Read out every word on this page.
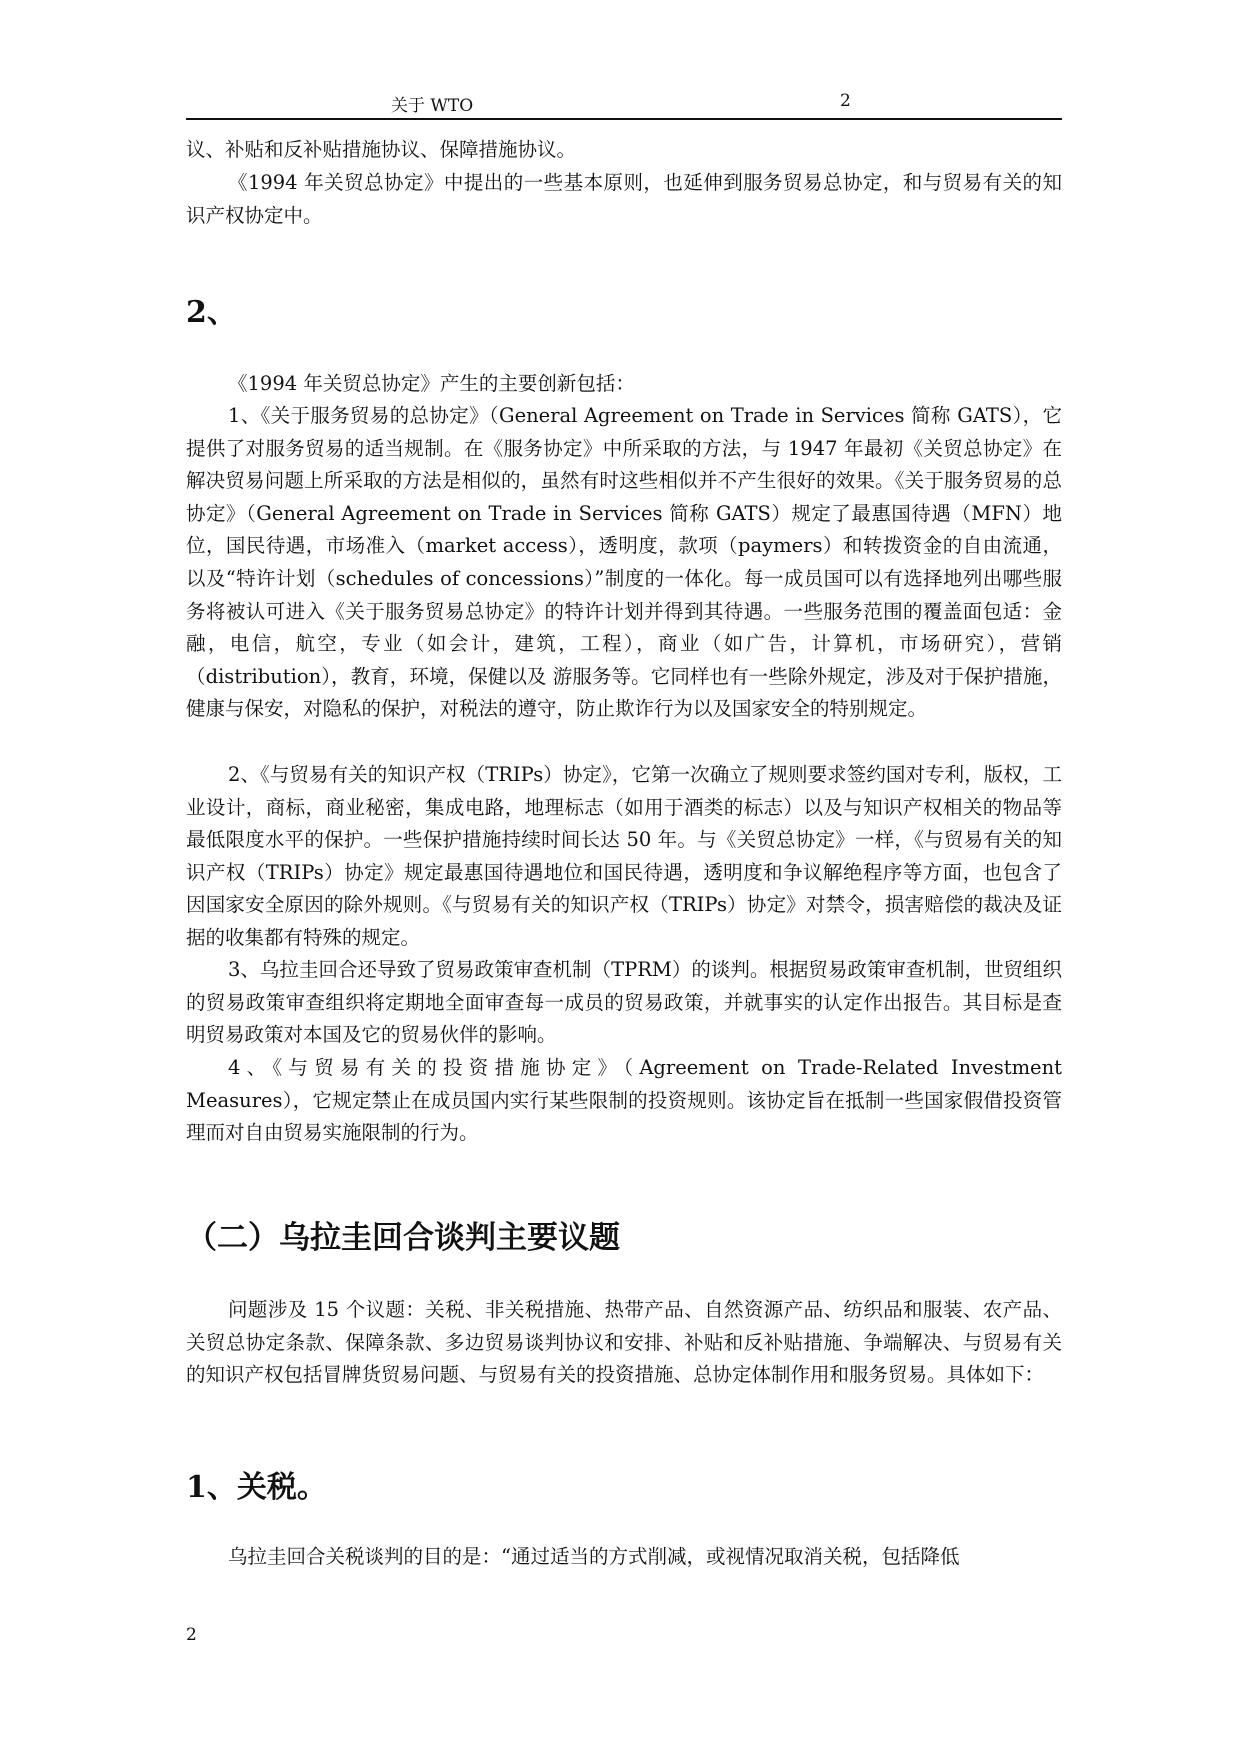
关于 WTO	2

议、补贴和反补贴措施协议、保障措施协议。

《1994 年关贸总协定》中提出的一些基本原则，也延伸到服务贸易总协定，和与贸易有关的知识产权协定中。

2、

《1994 年关贸总协定》产生的主要创新包括：

1、《关于服务贸易的总协定》（General Agreement on Trade in Services 简称 GATS），它提供了对服务贸易的适当规制。在《服务协定》中所采取的方法，与 1947 年最初《关贸总协定》在解决贸易问题上所采取的方法是相似的，虽然有时这些相似并不产生很好的效果。《关于服务贸易的总协定》（General Agreement on Trade in Services 简称 GATS）规定了最惠国待遇（MFN）地位，国民待遇，市场准入（market access），透明度，款项（paymers）和转拨资金的自由流通，以及“特许计划（schedules of concessions）”制度的一体化。每一成员国可以有选择地列出哪些服务将被认可进入《关于服务贸易总协定》的特许计划并得到其待遇。一些服务范围的覆盖面包适：金融，电信，航空，专业（如会计，建筑，工程），商业（如广告，计算机，市场研究），营销（distribution），教育，环境，保健以及 游服务等。它同样也有一些除外规定，涉及对于保护措施，健康与保安，对隐私的保护，对税法的遵守，防止欺诈行为以及国家安全的特别规定。

2、《与贸易有关的知识产权（TRIPs）协定》，它第一次确立了规则要求签约国对专利，版权，工业设计，商标，商业秘密，集成电路，地理标志（如用于酒类的标志）以及与知识产权相关的物品等最低限度水平的保护。一些保护措施持续时间长达 50 年。与《关贸总协定》一样，《与贸易有关的知识产权（TRIPs）协定》规定最惠国待遇地位和国民待遇，透明度和争议解绝程序等方面，也包含了因国家安全原因的除外规则。《与贸易有关的知识产权（TRIPs）协定》对禁令，损害赔偿的裁决及证据的收集都有特殊的规定。

3、乌拉圭回合还导致了贸易政策审查机制（TPRM）的谈判。根据贸易政策审查机制，世贸组织的贸易政策审查组织将定期地全面审查每一成员的贸易政策，并就事实的认定作出报告。其目标是查明贸易政策对本国及它的贸易伙伴的影响。

4、《与贸易有关的投资措施协定》（Agreement on Trade-Related Investment Measures），它规定禁止在成员国内实行某些限制的投资规则。该协定旨在抵制一些国家假借投资管理而对自由贸易实施限制的行为。

（二）乌拉圭回合谈判主要议题

问题涉及 15 个议题：关税、非关税措施、热带产品、自然资源产品、纺织品和服装、农产品、关贸总协定条款、保障条款、多边贸易谈判协议和安排、补贴和反补贴措施、争端解决、与贸易有关的知识产权包括冒牌货贸易问题、与贸易有关的投资措施、总协定体制作用和服务贸易。具体如下：

1、关税。

乌拉圭回合关税谈判的目的是：“通过适当的方式削减，或视情况取消关税，包括降低

2
